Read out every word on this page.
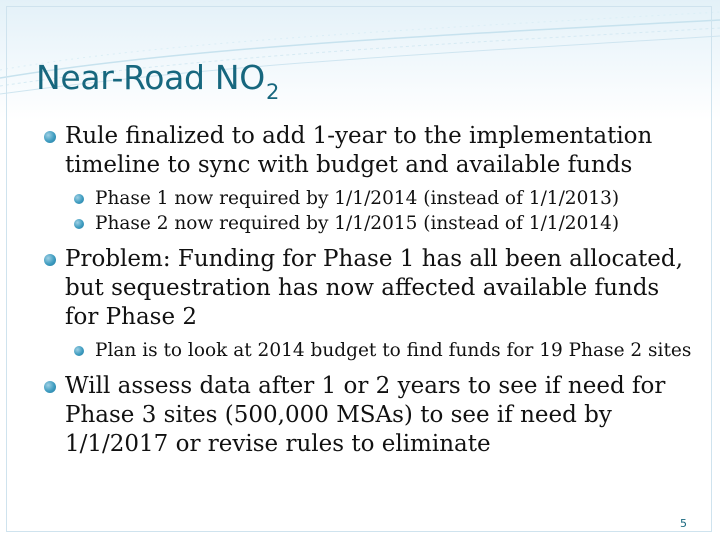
Near-Road $NO_2$
Rule finalized to add 1-year to the implementation timeline to sync with budget and available funds
Phase 1 now required by 1/1/2014 (instead of 1/1/2013)
Phase 2 now required by 1/1/2015 (instead of 1/1/2014)
Problem: Funding for Phase 1 has all been allocated, but sequestration has now affected available funds for Phase 2
Plan is to look at 2014 budget to find funds for 19 Phase 2 sites
Will assess data after 1 or 2 years to see if need for Phase 3 sites (500,000 MSAs) to see if need by 1/1/2017 or revise rules to eliminate
5
